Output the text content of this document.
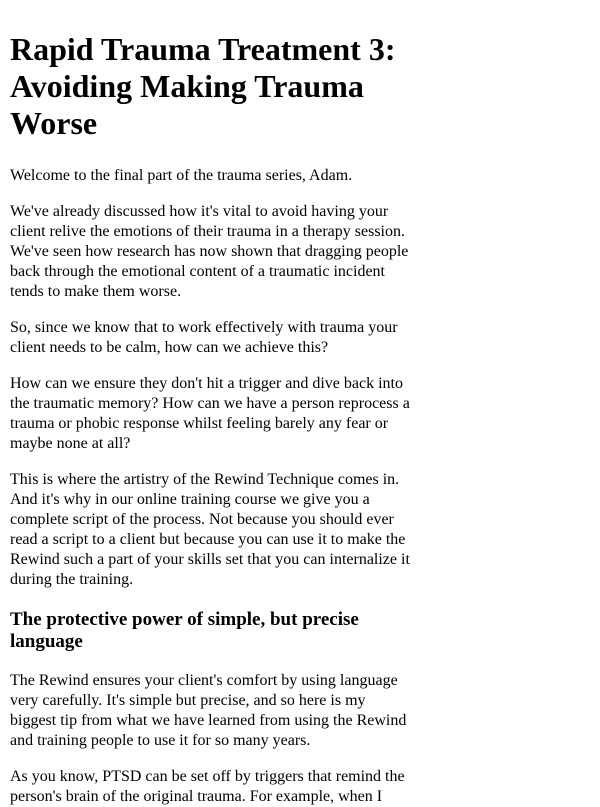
Rapid Trauma Treatment 3: Avoiding Making Trauma Worse

Welcome to the final part of the trauma series, Adam.

We've already discussed how it's vital to avoid having your client relive the emotions of their trauma in a therapy session. We've seen how research has now shown that dragging people back through the emotional content of a traumatic incident tends to make them worse.

So, since we know that to work effectively with trauma your client needs to be calm, how can we achieve this?

How can we ensure they don't hit a trigger and dive back into the traumatic memory? How can we have a person reprocess a trauma or phobic response whilst feeling barely any fear or maybe none at all?

This is where the artistry of the Rewind Technique comes in. And it's why in our online training course we give you a complete script of the process. Not because you should ever read a script to a client but because you can use it to make the Rewind such a part of your skills set that you can internalize it during the training.

The protective power of simple, but precise language

The Rewind ensures your client's comfort by using language very carefully. It's simple but precise, and so here is my biggest tip from what we have learned from using the Rewind and training people to use it for so many years.

As you know, PTSD can be set off by triggers that remind the person's brain of the original trauma. For example, when I
